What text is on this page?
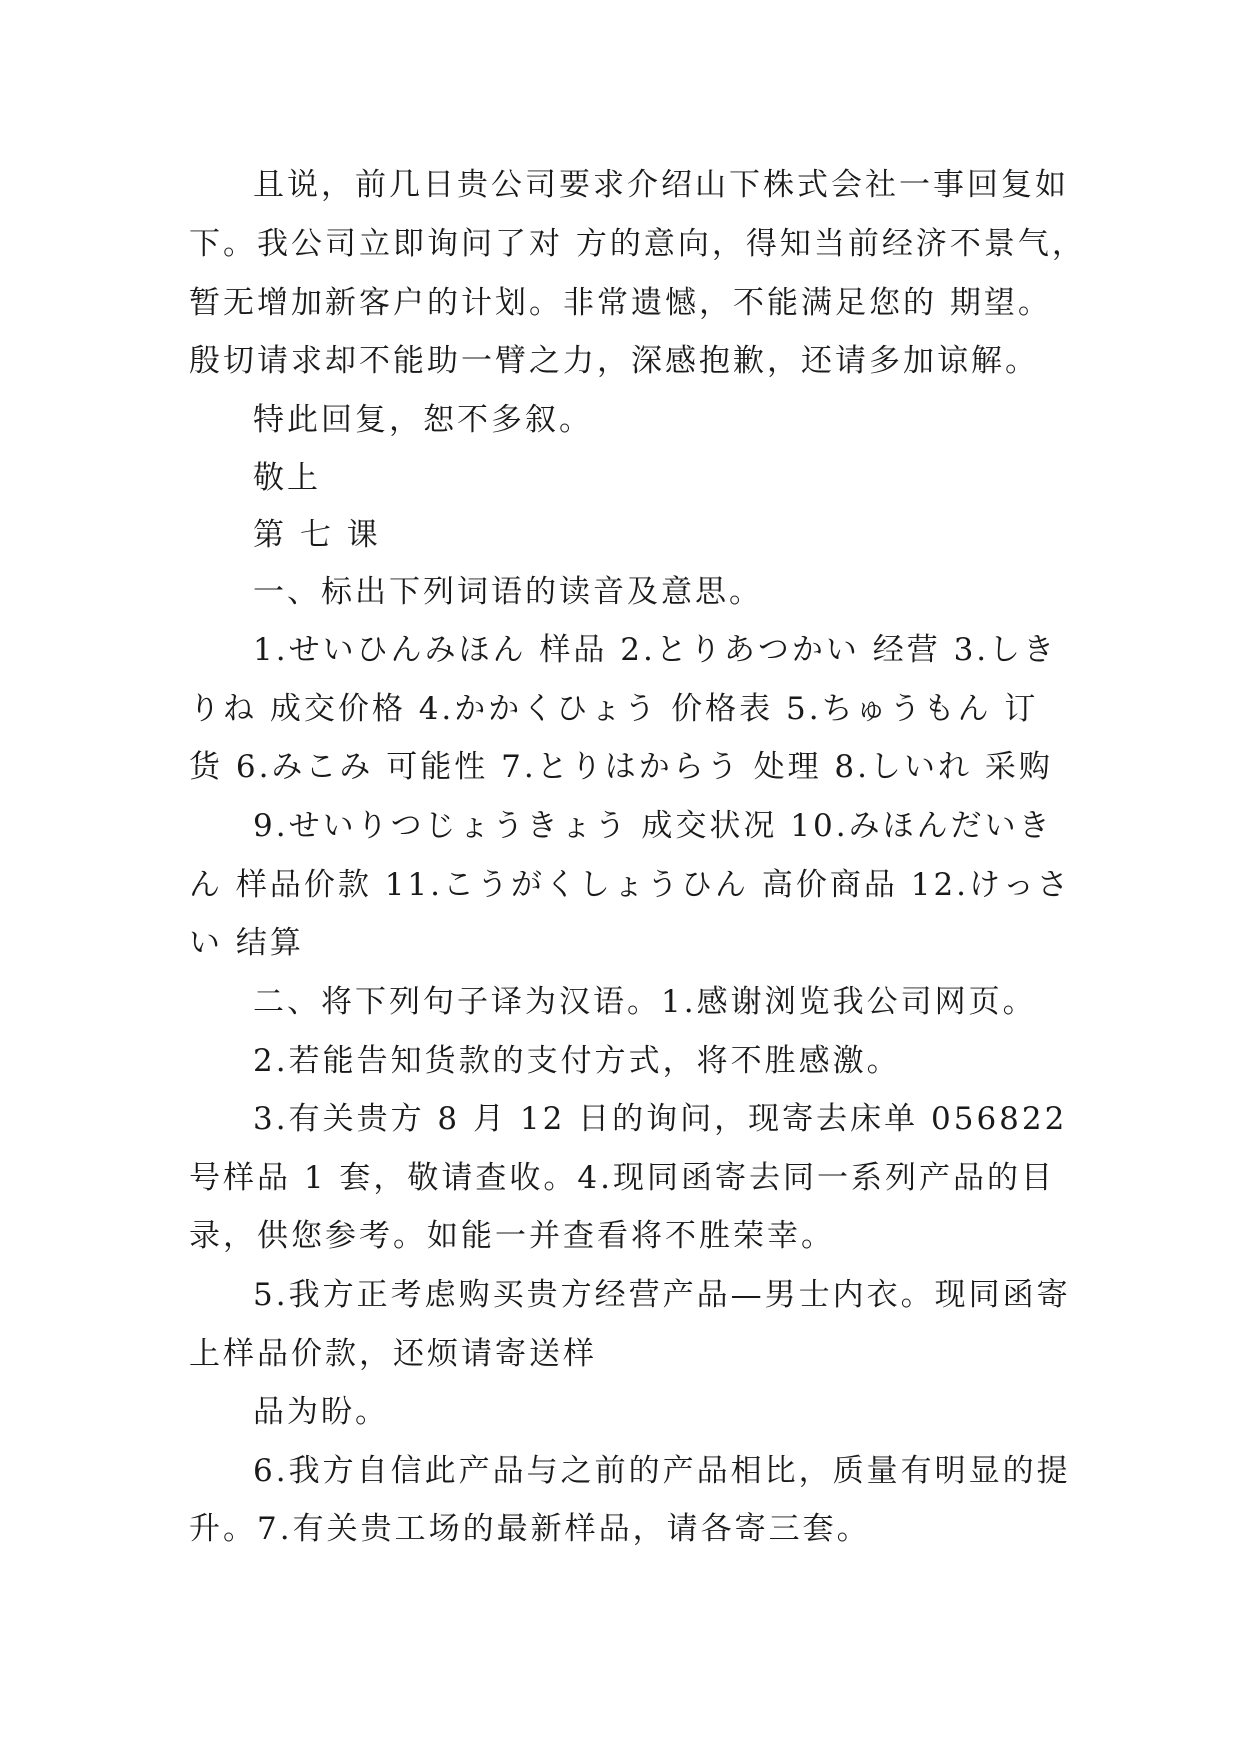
且说，前几日贵公司要求介绍山下株式会社一事回复如
下。我公司立即询问了对 方的意向，得知当前经济不景气，
暂无增加新客户的计划。非常遗憾，不能满足您的 期望。
殷切请求却不能助一臂之力，深感抱歉，还请多加谅解。
特此回复，恕不多叙。
敬上
第 七 课
一、标出下列词语的读音及意思。
1.せいひんみほん 样品 2.とりあつかい 经营 3.しき
りね 成交价格 4.かかくひょう 价格表 5.ちゅうもん 订
货 6.みこみ 可能性 7.とりはからう 处理 8.しいれ 采购
9.せいりつじょうきょう 成交状况 10.みほんだいき
ん 样品价款 11.こうがくしょうひん 高价商品 12.けっさ
い 结算
二、将下列句子译为汉语。1.感谢浏览我公司网页。
2.若能告知货款的支付方式，将不胜感激。
3.有关贵方 8 月 12 日的询问，现寄去床单 056822
号样品 1 套，敬请查收。4.现同函寄去同一系列产品的目
录，供您参考。如能一并查看将不胜荣幸。
5.我方正考虑购买贵方经营产品—男士内衣。现同函寄
上样品价款，还烦请寄送样
品为盼。
6.我方自信此产品与之前的产品相比，质量有明显的提
升。7.有关贵工场的最新样品，请各寄三套。
